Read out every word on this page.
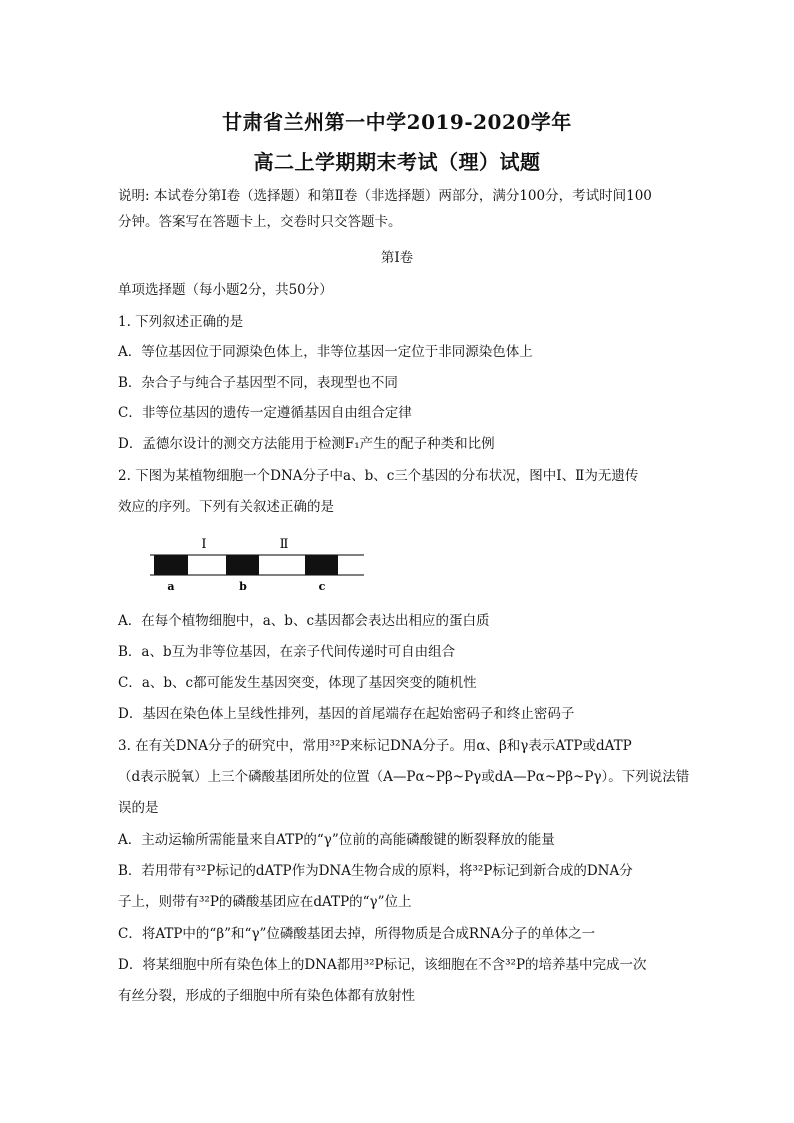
甘肃省兰州第一中学2019-2020学年
高二上学期期末考试（理）试题
说明: 本试卷分第Ⅰ卷（选择题）和第Ⅱ卷（非选择题）两部分，满分100分，考试时间100
分钟。答案写在答题卡上，交卷时只交答题卡。
第Ⅰ卷
单项选择题（每小题2分，共50分）
1. 下列叙述正确的是
A．等位基因位于同源染色体上，非等位基因一定位于非同源染色体上
B．杂合子与纯合子基因型不同，表现型也不同
C．非等位基因的遗传一定遵循基因自由组合定律
D．孟德尔设计的测交方法能用于检测F₁产生的配子种类和比例
2. 下图为某植物细胞一个DNA分子中a、b、c三个基因的分布状况，图中Ⅰ、Ⅱ为无遗传
效应的序列。下列有关叙述正确的是
Ⅰ	Ⅱ
a	b	c
A．在每个植物细胞中，a、b、c基因都会表达出相应的蛋白质
B．a、b互为非等位基因，在亲子代间传递时可自由组合
C．a、b、c都可能发生基因突变，体现了基因突变的随机性
D．基因在染色体上呈线性排列，基因的首尾端存在起始密码子和终止密码子
3. 在有关DNA分子的研究中，常用³²P来标记DNA分子。用α、β和γ表示ATP或dATP
（d表示脱氧）上三个磷酸基团所处的位置（A—Pα~Pβ~Pγ或dA—Pα~Pβ~Pγ）。下列说法错
误的是
A．主动运输所需能量来自ATP的“γ”位前的高能磷酸键的断裂释放的能量
B．若用带有³²P标记的dATP作为DNA生物合成的原料，将³²P标记到新合成的DNA分
子上，则带有³²P的磷酸基团应在dATP的“γ”位上
C．将ATP中的“β”和“γ”位磷酸基团去掉，所得物质是合成RNA分子的单体之一
D．将某细胞中所有染色体上的DNA都用³²P标记，该细胞在不含³²P的培养基中完成一次
有丝分裂，形成的子细胞中所有染色体都有放射性
